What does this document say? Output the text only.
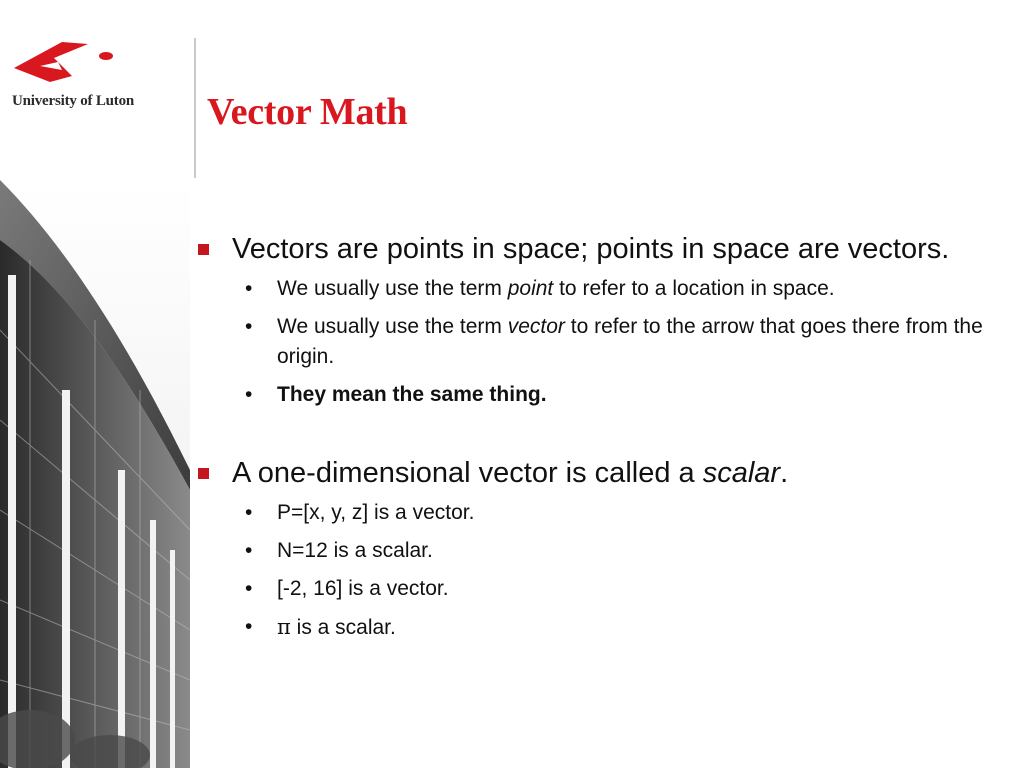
University of Luton	Vector Math
Vectors are points in space; points in space are vectors.
• We usually use the term point to refer to a location in space.
• We usually use the term vector to refer to the arrow that goes there from the origin.
• They mean the same thing.
A one-dimensional vector is called a scalar.
• P=[x, y, z] is a vector.
• N=12 is a scalar.
• [-2, 16] is a vector.
• π is a scalar.
